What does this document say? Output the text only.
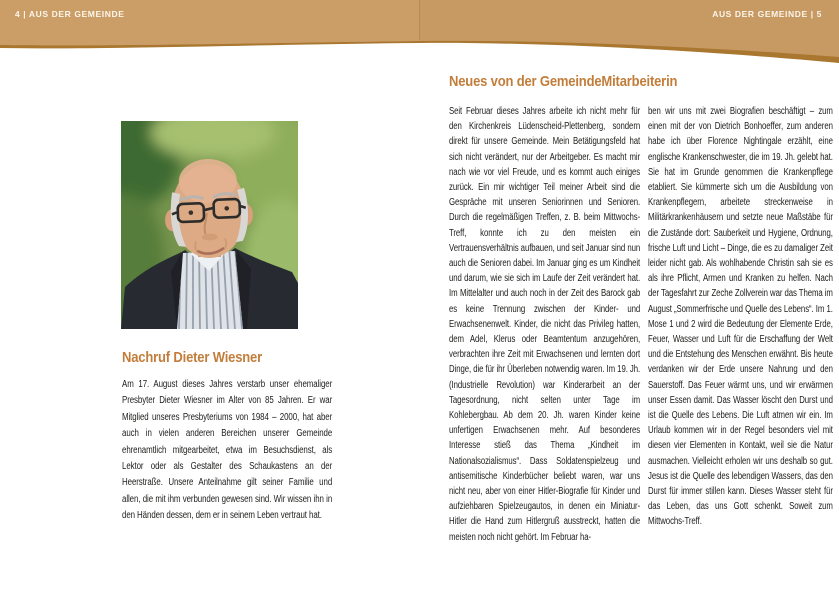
4 | AUS DER GEMEINDE	AUS DER GEMEINDE | 5
Nachruf Dieter Wiesner
Am 17. August dieses Jahres verstarb unser ehemaliger Presbyter Dieter Wiesner im Alter von 85 Jahren. Er war Mitglied unseres Presbyteriums von 1984 – 2000, hat aber auch in vielen anderen Bereichen unserer Gemeinde ehrenamtlich mitgearbeitet, etwa im Besuchsdienst, als Lektor oder als Gestalter des Schaukastens an der Heerstraße. Unsere Anteilnahme gilt seiner Familie und allen, die mit ihm verbunden gewesen sind. Wir wissen ihn in den Händen dessen, dem er in seinem Leben vertraut hat.
Neues von der GemeindeMitarbeiterin
Seit Februar dieses Jahres arbeite ich nicht mehr für den Kirchenkreis Lüdenscheid-Plettenberg, sondern direkt für unsere Gemeinde. Mein Betätigungsfeld hat sich nicht verändert, nur der Arbeitgeber. Es macht mir nach wie vor viel Freude, und es kommt auch einiges zurück. Ein mir wichtiger Teil meiner Arbeit sind die Gespräche mit unseren Seniorinnen und Senioren. Durch die regelmäßigen Treffen, z. B. beim Mittwochs-Treff, konnte ich zu den meisten ein Vertrauensverhältnis aufbauen, und seit Januar sind nun auch die Senioren dabei. Im Januar ging es um Kindheit und darum, wie sie sich im Laufe der Zeit verändert hat. Im Mittelalter und auch noch in der Zeit des Barock gab es keine Trennung zwischen der Kinder- und Erwachsenenwelt. Kinder, die nicht das Privileg hatten, dem Adel, Klerus oder Beamtentum anzugehören, verbrachten ihre Zeit mit Erwachsenen und lernten dort Dinge, die für ihr Überleben notwendig waren. Im 19. Jh. (Industrielle Revolution) war Kinderarbeit an der Tagesordnung, nicht selten unter Tage im Kohlebergbau. Ab dem 20. Jh. waren Kinder keine unfertigen Erwachsenen mehr. Auf besonderes Interesse stieß das Thema „Kindheit im Nationalsozialismus“. Dass Soldatenspielzeug und antisemitische Kinderbücher beliebt waren, war uns nicht neu, aber von einer Hitler-Biografie für Kinder und aufziehbaren Spielzeugautos, in denen ein Miniatur-Hitler die Hand zum Hitlergruß ausstreckt, hatten die meisten noch nicht gehört. Im Februar ha-
ben wir uns mit zwei Biografien beschäftigt – zum einen mit der von Dietrich Bonhoeffer, zum anderen habe ich über Florence Nightingale erzählt, eine englische Krankenschwester, die im 19. Jh. gelebt hat. Sie hat im Grunde genommen die Krankenpflege etabliert. Sie kümmerte sich um die Ausbildung von Krankenpflegern, arbeitete streckenweise in Militärkrankenhäusern und setzte neue Maßstäbe für die Zustände dort: Sauberkeit und Hygiene, Ordnung, frische Luft und Licht – Dinge, die es zu damaliger Zeit leider nicht gab. Als wohlhabende Christin sah sie es als ihre Pflicht, Armen und Kranken zu helfen. Nach der Tagesfahrt zur Zeche Zollverein war das Thema im August „Sommerfrische und Quelle des Lebens“. Im 1. Mose 1 und 2 wird die Bedeutung der Elemente Erde, Feuer, Wasser und Luft für die Erschaffung der Welt und die Entstehung des Menschen erwähnt. Bis heute verdanken wir der Erde unsere Nahrung und den Sauerstoff. Das Feuer wärmt uns, und wir erwärmen unser Essen damit. Das Wasser löscht den Durst und ist die Quelle des Lebens. Die Luft atmen wir ein. Im Urlaub kommen wir in der Regel besonders viel mit diesen vier Elementen in Kontakt, weil sie die Natur ausmachen. Vielleicht erholen wir uns deshalb so gut. Jesus ist die Quelle des lebendigen Wassers, das den Durst für immer stillen kann. Dieses Wasser steht für das Leben, das uns Gott schenkt. Soweit zum Mittwochs-Treff.
